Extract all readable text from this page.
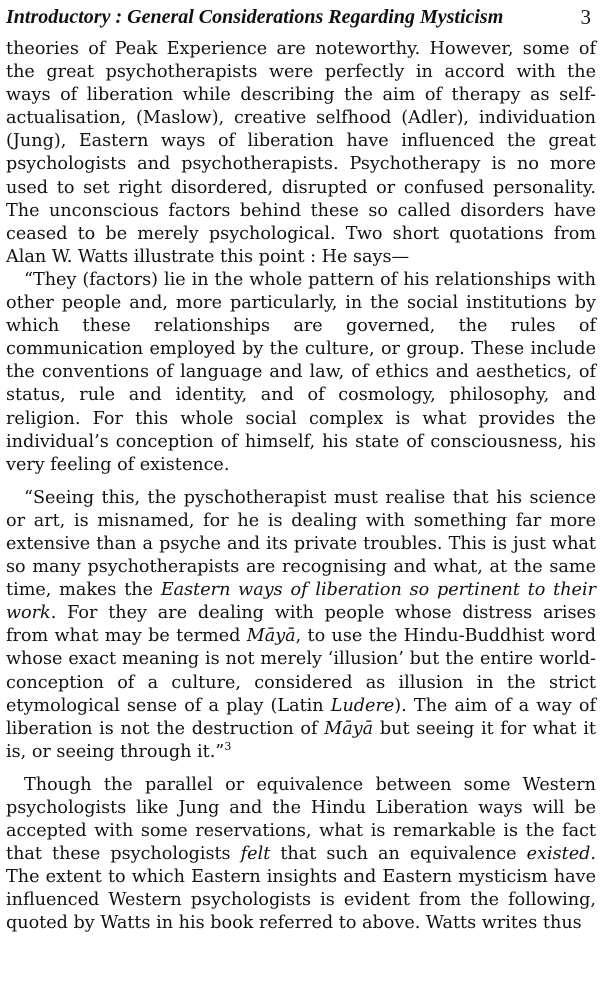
Introductory : General Considerations Regarding Mysticism	3

theories of Peak Experience are noteworthy. However, some of the great psychotherapists were perfectly in accord with the ways of liberation while describing the aim of therapy as self-actualisation, (Maslow), creative selfhood (Adler), individuation (Jung), Eastern ways of liberation have influenced the great psychologists and psychotherapists. Psychotherapy is no more used to set right disordered, disrupted or confused personality. The unconscious factors behind these so called disorders have ceased to be merely psychological. Two short quotations from Alan W. Watts illustrate this point : He says—

“They (factors) lie in the whole pattern of his relationships with other people and, more particularly, in the social institutions by which these relationships are governed, the rules of communication employed by the culture, or group. These include the conventions of language and law, of ethics and aesthetics, of status, rule and identity, and of cosmology, philosophy, and religion. For this whole social complex is what provides the individual’s conception of himself, his state of consciousness, his very feeling of existence.

“Seeing this, the pyschotherapist must realise that his science or art, is misnamed, for he is dealing with something far more extensive than a psyche and its private troubles. This is just what so many psychotherapists are recognising and what, at the same time, makes the Eastern ways of liberation so pertinent to their work. For they are dealing with people whose distress arises from what may be termed Māyā, to use the Hindu-Buddhist word whose exact meaning is not merely ‘illusion’ but the entire world-conception of a culture, considered as illusion in the strict etymological sense of a play (Latin Ludere). The aim of a way of liberation is not the destruction of Māyā but seeing it for what it is, or seeing through it.”$^3$

Though the parallel or equivalence between some Western psychologists like Jung and the Hindu Liberation ways will be accepted with some reservations, what is remarkable is the fact that these psychologists felt that such an equivalence existed. The extent to which Eastern insights and Eastern mysticism have influenced Western psychologists is evident from the following, quoted by Watts in his book referred to above. Watts writes thus
